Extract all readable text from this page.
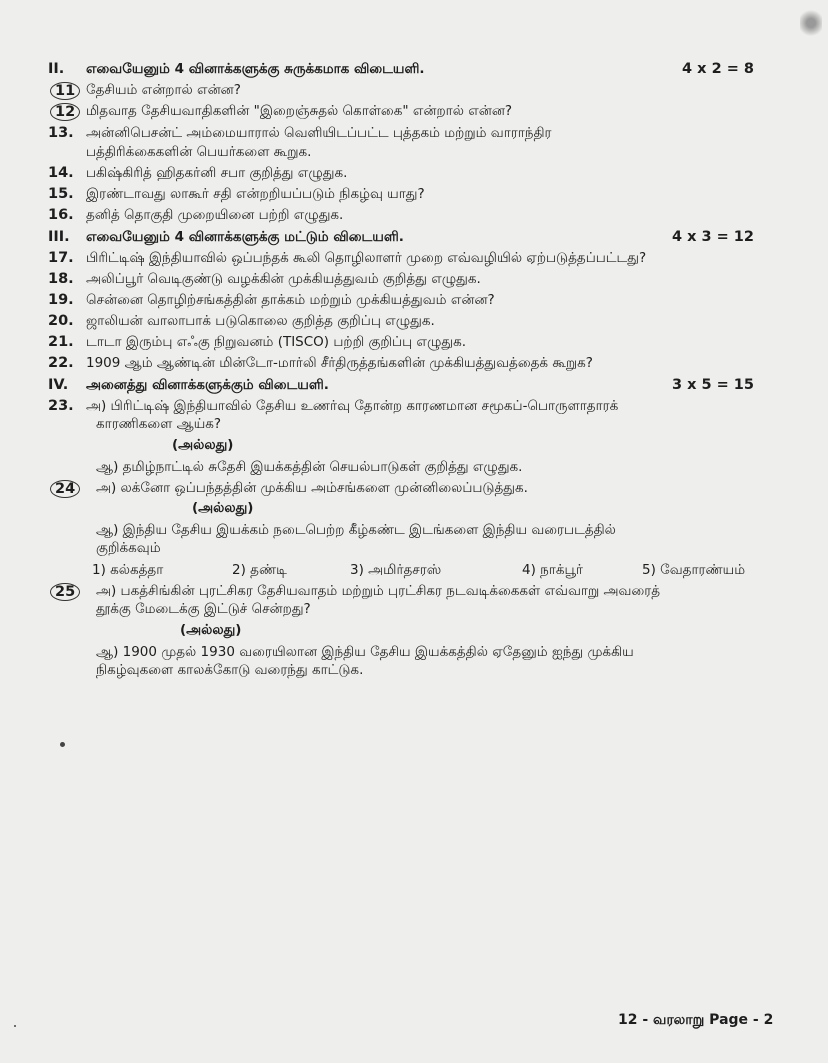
II. எவையேனும் 4 வினாக்களுக்கு சுருக்கமாக விடையளி.	4 x 2 = 8
11 தேசியம் என்றால் என்ன?
12 மிதவாத தேசியவாதிகளின் "இறைஞ்சுதல் கொள்கை" என்றால் என்ன?
13. அன்னிபெசன்ட் அம்மையாரால் வெளியிடப்பட்ட புத்தகம் மற்றும் வாராந்திர
பத்திரிக்கைகளின் பெயர்களை கூறுக.
14. பகிஷ்கிரித் ஹிதகர்னி சபா குறித்து எழுதுக.
15. இரண்டாவது லாகூர் சதி என்றறியப்படும் நிகழ்வு யாது?
16. தனித் தொகுதி முறையினை பற்றி எழுதுக.
III. எவையேனும் 4 வினாக்களுக்கு மட்டும் விடையளி.	4 x 3 = 12
17. பிரிட்டிஷ் இந்தியாவில் ஒப்பந்தக் கூலி தொழிலாளர் முறை எவ்வழியில் ஏற்படுத்தப்பட்டது?
18. அலிப்பூர் வெடிகுண்டு வழக்கின் முக்கியத்துவம் குறித்து எழுதுக.
19. சென்னை தொழிற்சங்கத்தின் தாக்கம் மற்றும் முக்கியத்துவம் என்ன?
20. ஜாலியன் வாலாபாக் படுகொலை குறித்த குறிப்பு எழுதுக.
21. டாடா இரும்பு எஃகு நிறுவனம் (TISCO) பற்றி குறிப்பு எழுதுக.
22. 1909 ஆம் ஆண்டின் மின்டோ-மார்லி சீர்திருத்தங்களின் முக்கியத்துவத்தைக் கூறுக?
IV. அனைத்து வினாக்களுக்கும் விடையளி.	3 x 5 = 15
23. அ) பிரிட்டிஷ் இந்தியாவில் தேசிய உணர்வு தோன்ற காரணமான சமூகப்-பொருளாதாரக்
காரணிகளை ஆய்க?
(அல்லது)
ஆ) தமிழ்நாட்டில் சுதேசி இயக்கத்தின் செயல்பாடுகள் குறித்து எழுதுக.
24	அ) லக்னோ ஒப்பந்தத்தின் முக்கிய அம்சங்களை முன்னிலைப்படுத்துக.
(அல்லது)
ஆ) இந்திய தேசிய இயக்கம் நடைபெற்ற கீழ்கண்ட இடங்களை இந்திய வரைபடத்தில்
குறிக்கவும்
1) கல்கத்தா	2) தண்டி	3) அமிர்தசரஸ்	4) நாக்பூர்	5) வேதாரண்யம்
25	அ) பகத்சிங்கின் புரட்சிகர தேசியவாதம் மற்றும் புரட்சிகர நடவடிக்கைகள் எவ்வாறு அவரைத்
தூக்கு மேடைக்கு இட்டுச் சென்றது?
(அல்லது)
ஆ) 1900 முதல் 1930 வரையிலான இந்திய தேசிய இயக்கத்தில் ஏதேனும் ஐந்து முக்கிய
நிகழ்வுகளை காலக்கோடு வரைந்து காட்டுக.
12 - வரலாறு Page - 2
